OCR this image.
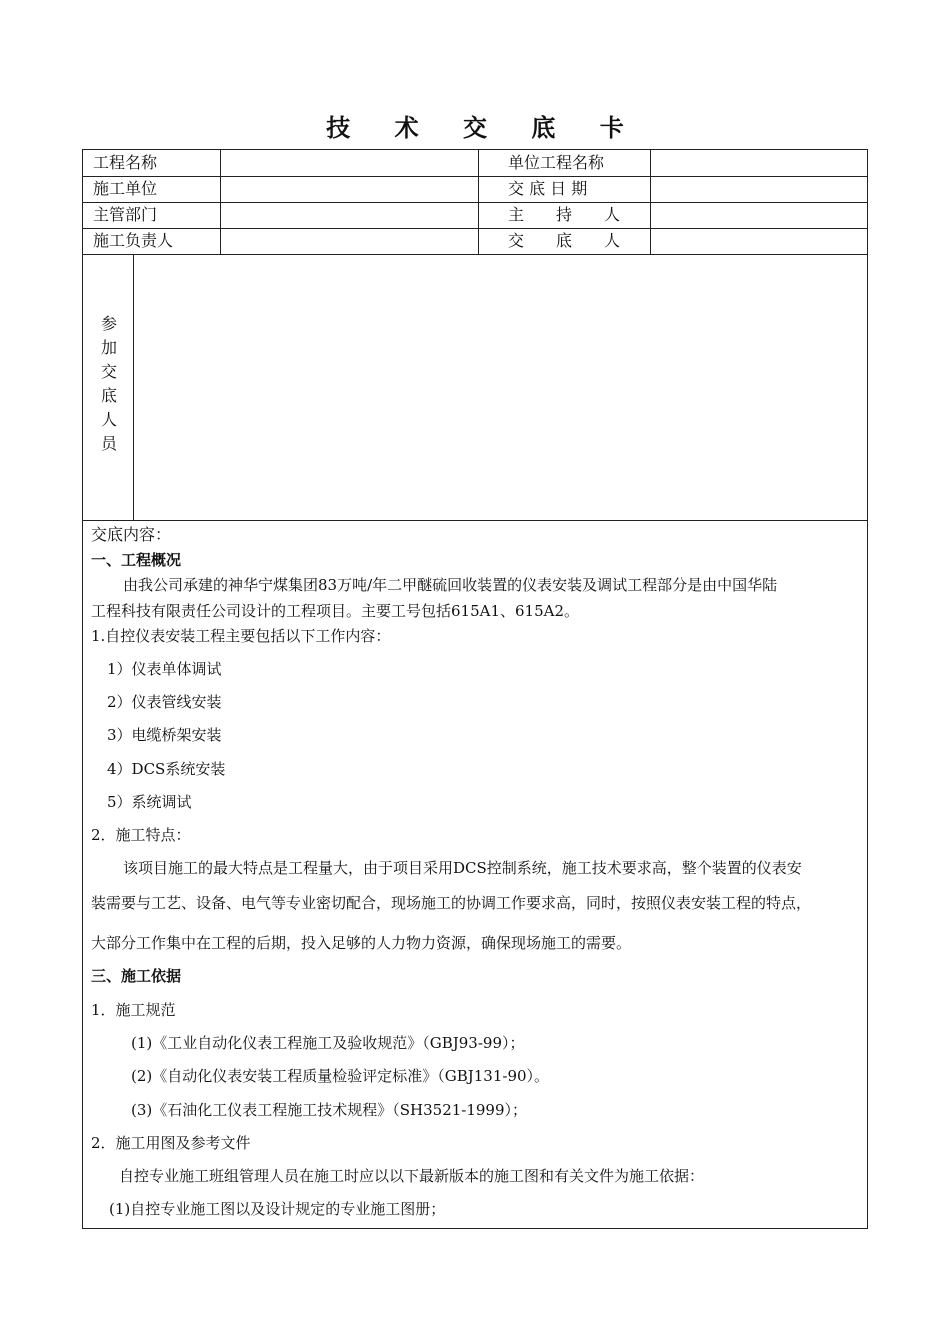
技 术 交 底 卡
工程名称	单位工程名称
施工单位	交 底 日 期
主管部门	主　　持　　人
施工负责人	交　　底　　人
参加交底人员
交底内容：
一、工程概况
由我公司承建的神华宁煤集团83万吨/年二甲醚硫回收装置的仪表安装及调试工程部分是由中国华陆
工程科技有限责任公司设计的工程项目。主要工号包括615A1、615A2。
1.自控仪表安装工程主要包括以下工作内容：
1）仪表单体调试
2）仪表管线安装
3）电缆桥架安装
4）DCS系统安装
5）系统调试
2．施工特点：
该项目施工的最大特点是工程量大，由于项目采用DCS控制系统，施工技术要求高，整个装置的仪表安
装需要与工艺、设备、电气等专业密切配合，现场施工的协调工作要求高，同时，按照仪表安装工程的特点，
大部分工作集中在工程的后期，投入足够的人力物力资源，确保现场施工的需要。
三、施工依据
1．施工规范
(1)《工业自动化仪表工程施工及验收规范》（GBJ93-99）；
(2)《自动化仪表安装工程质量检验评定标准》（GBJ131-90）。
(3)《石油化工仪表工程施工技术规程》（SH3521-1999）；
2．施工用图及参考文件
自控专业施工班组管理人员在施工时应以以下最新版本的施工图和有关文件为施工依据：
(1)自控专业施工图以及设计规定的专业施工图册；
